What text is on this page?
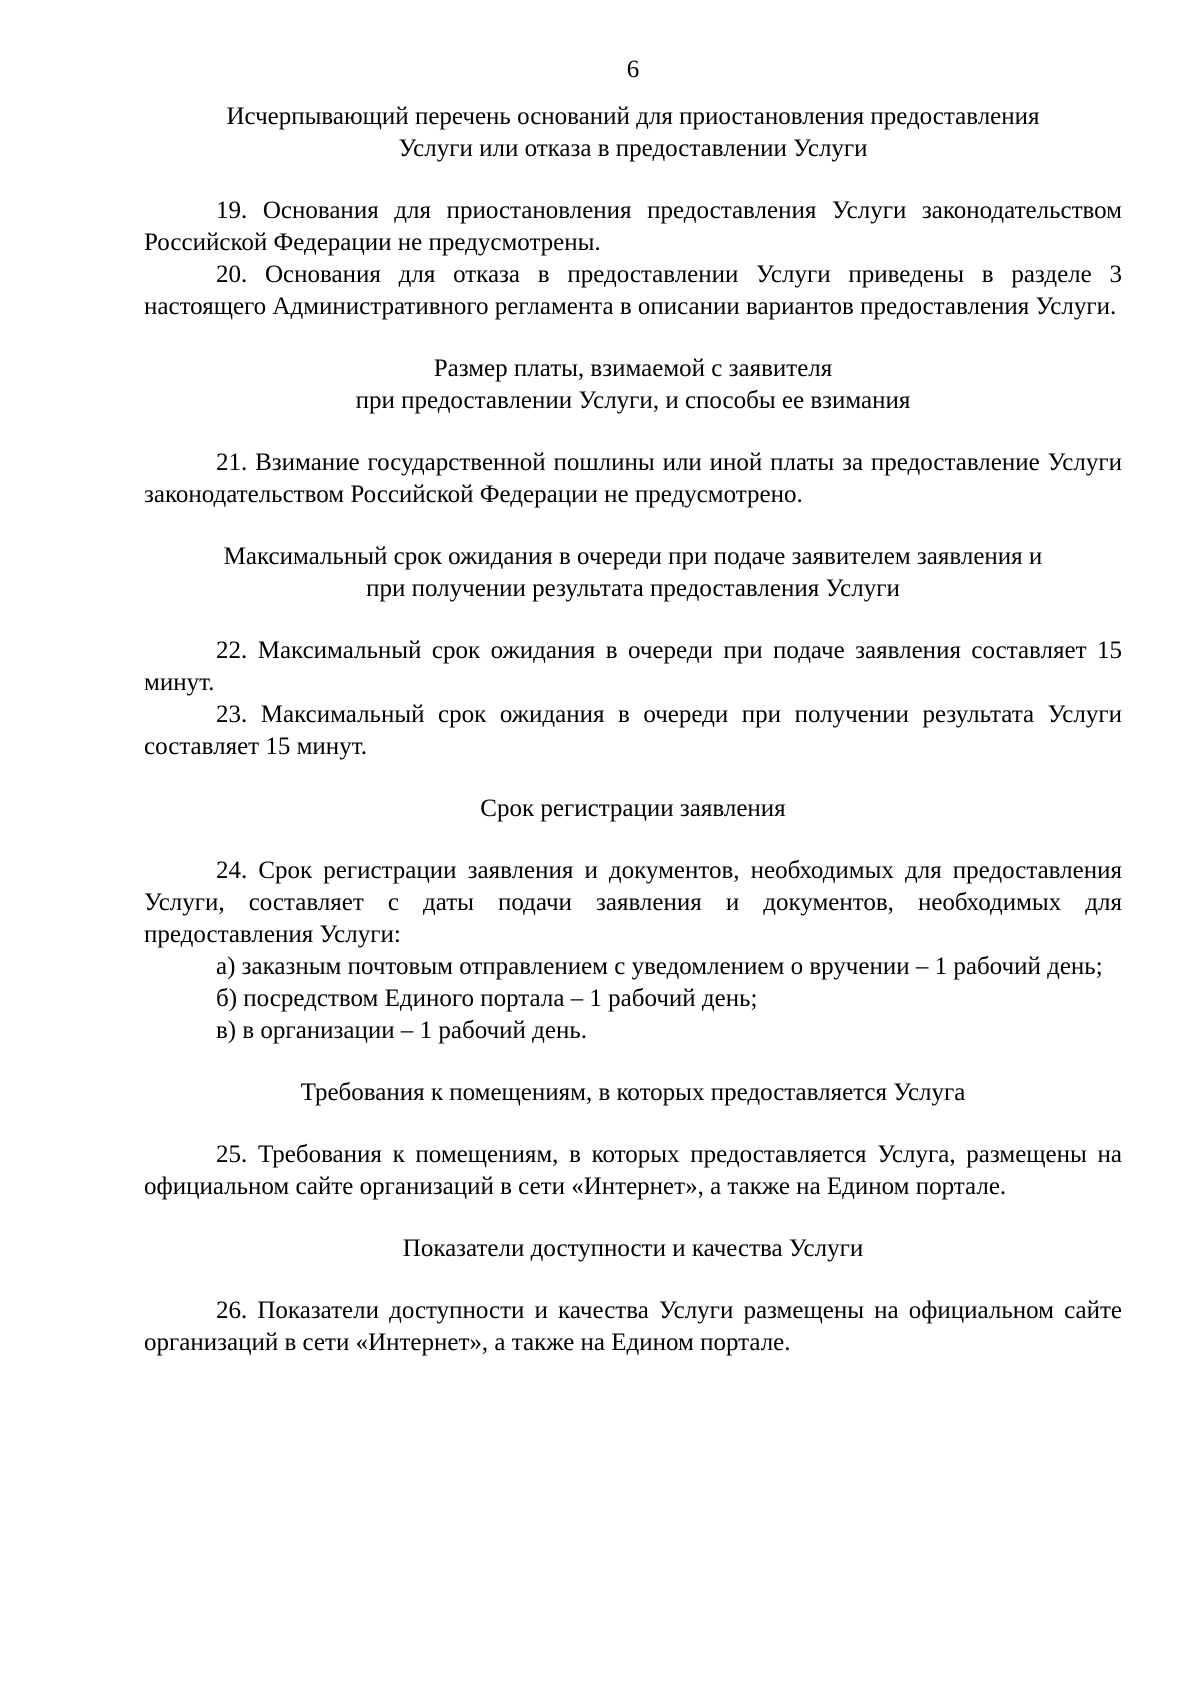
6
Исчерпывающий перечень оснований для приостановления предоставления
Услуги или отказа в предоставлении Услуги

19. Основания для приостановления предоставления Услуги законодательством Российской Федерации не предусмотрены.

20. Основания для отказа в предоставлении Услуги приведены в разделе 3 настоящего Административного регламента в описании вариантов предоставления Услуги.

Размер платы, взимаемой с заявителя
при предоставлении Услуги, и способы ее взимания

21. Взимание государственной пошлины или иной платы за предоставление Услуги законодательством Российской Федерации не предусмотрено.

Максимальный срок ожидания в очереди при подаче заявителем заявления и
при получении результата предоставления Услуги

22. Максимальный срок ожидания в очереди при подаче заявления составляет 15 минут.

23. Максимальный срок ожидания в очереди при получении результата Услуги составляет 15 минут.

Срок регистрации заявления

24. Срок регистрации заявления и документов, необходимых для предоставления Услуги, составляет с даты подачи заявления и документов, необходимых для предоставления Услуги:

а) заказным почтовым отправлением с уведомлением о вручении – 1 рабочий день;

б) посредством Единого портала – 1 рабочий день;

в) в организации – 1 рабочий день.

Требования к помещениям, в которых предоставляется Услуга

25. Требования к помещениям, в которых предоставляется Услуга, размещены на официальном сайте организаций в сети «Интернет», а также на Едином портале.

Показатели доступности и качества Услуги

26. Показатели доступности и качества Услуги размещены на официальном сайте организаций в сети «Интернет», а также на Едином портале.
